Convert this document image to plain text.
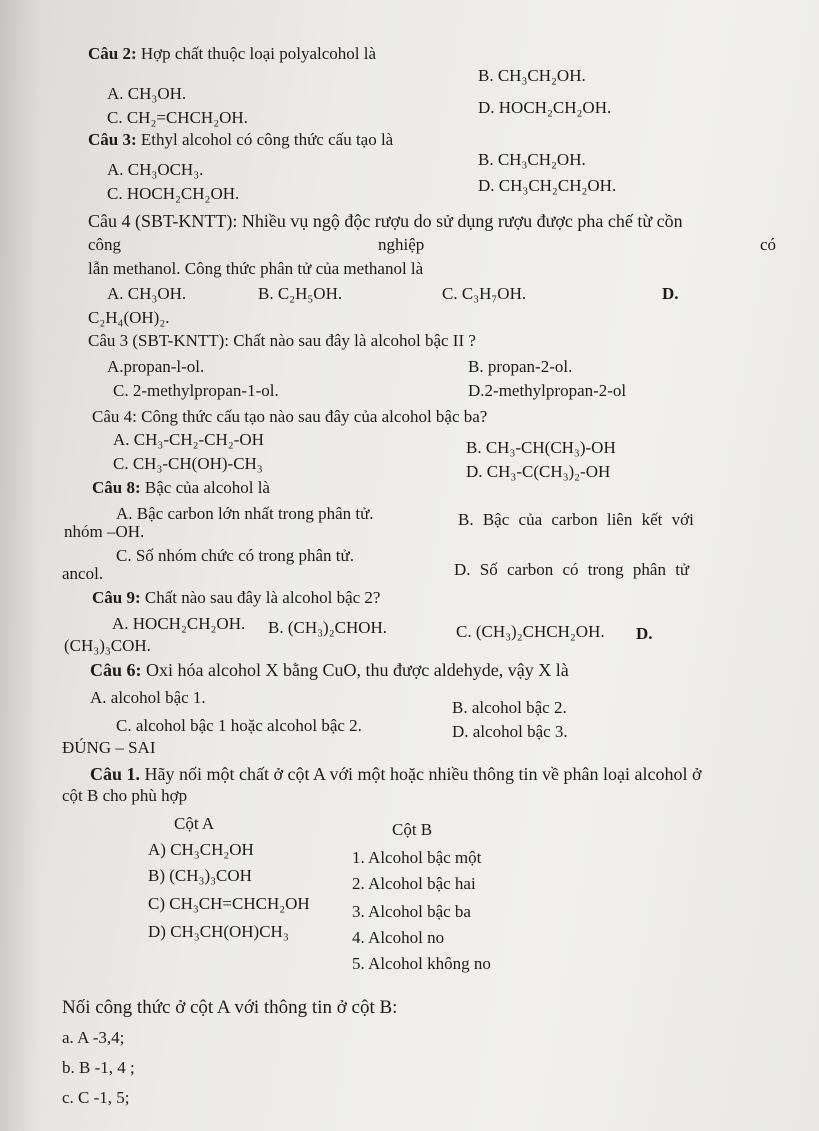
Câu 2: Hợp chất thuộc loại polyalcohol là
A. CH₃OH.
B. CH₃CH₂OH.
C. CH₂=CHCH₂OH.
D. HOCH₂CH₂OH.
Câu 3: Ethyl alcohol có công thức cấu tạo là
A. CH₃OCH₃.
B. CH₃CH₂OH.
C. HOCH₂CH₂OH.	D. CH₃CH₂CH₂OH.
Câu 4 (SBT-KNTT): Nhiều vụ ngộ độc rượu do sử dụng rượu được pha chế từ cồn
công	nghiệp	có
lẫn methanol. Công thức phân tử của methanol là
A. CH₃OH.	B. C₂H₅OH.	C. C₃H₇OH.	D.
C₂H₄(OH)₂.
Câu 3 (SBT-KNTT): Chất nào sau đây là alcohol bậc II ?
A.propan-l-ol.	B. propan-2-ol.
C. 2-methylpropan-1-ol.	D.2-methylpropan-2-ol
Câu 4: Công thức cấu tạo nào sau đây của alcohol bậc ba?
A. CH₃-CH₂-CH₂-OH	B. CH₃-CH(CH₃)-OH
C. CH₃-CH(OH)-CH₃	D. CH₃-C(CH₃)₂-OH
Câu 8: Bậc của alcohol là
A. Bậc carbon lớn nhất trong phân tử.	B. Bậc của carbon liên kết với
nhóm –OH.
C. Số nhóm chức có trong phân tử.
D. Số carbon có trong phân tử
ancol.
Câu 9: Chất nào sau đây là alcohol bậc 2?
A. HOCH₂CH₂OH. B. (CH₃)₂CHOH.	C. (CH₃)₂CHCH₂OH. D.
(CH₃)₃COH.
Câu 6: Oxi hóa alcohol X bằng CuO, thu được aldehyde, vậy X là
A. alcohol bậc 1.
B. alcohol bậc 2.
C. alcohol bậc 1 hoặc alcohol bậc 2.	D. alcohol bậc 3.
ĐÚNG – SAI
Câu 1. Hãy nối một chất ở cột A với một hoặc nhiều thông tin về phân loại alcohol ở
cột B cho phù hợp
Cột A	Cột B
A) CH₃CH₂OH
B) (CH₃)₃COH
C) CH₃CH=CHCH₂OH
D) CH₃CH(OH)CH₃
1. Alcohol bậc một
2. Alcohol bậc hai
3. Alcohol bậc ba
4. Alcohol no
5. Alcohol không no
Nối công thức ở cột A với thông tin ở cột B:
a. A -3,4;
b. B -1, 4 ;
c. C -1, 5;
